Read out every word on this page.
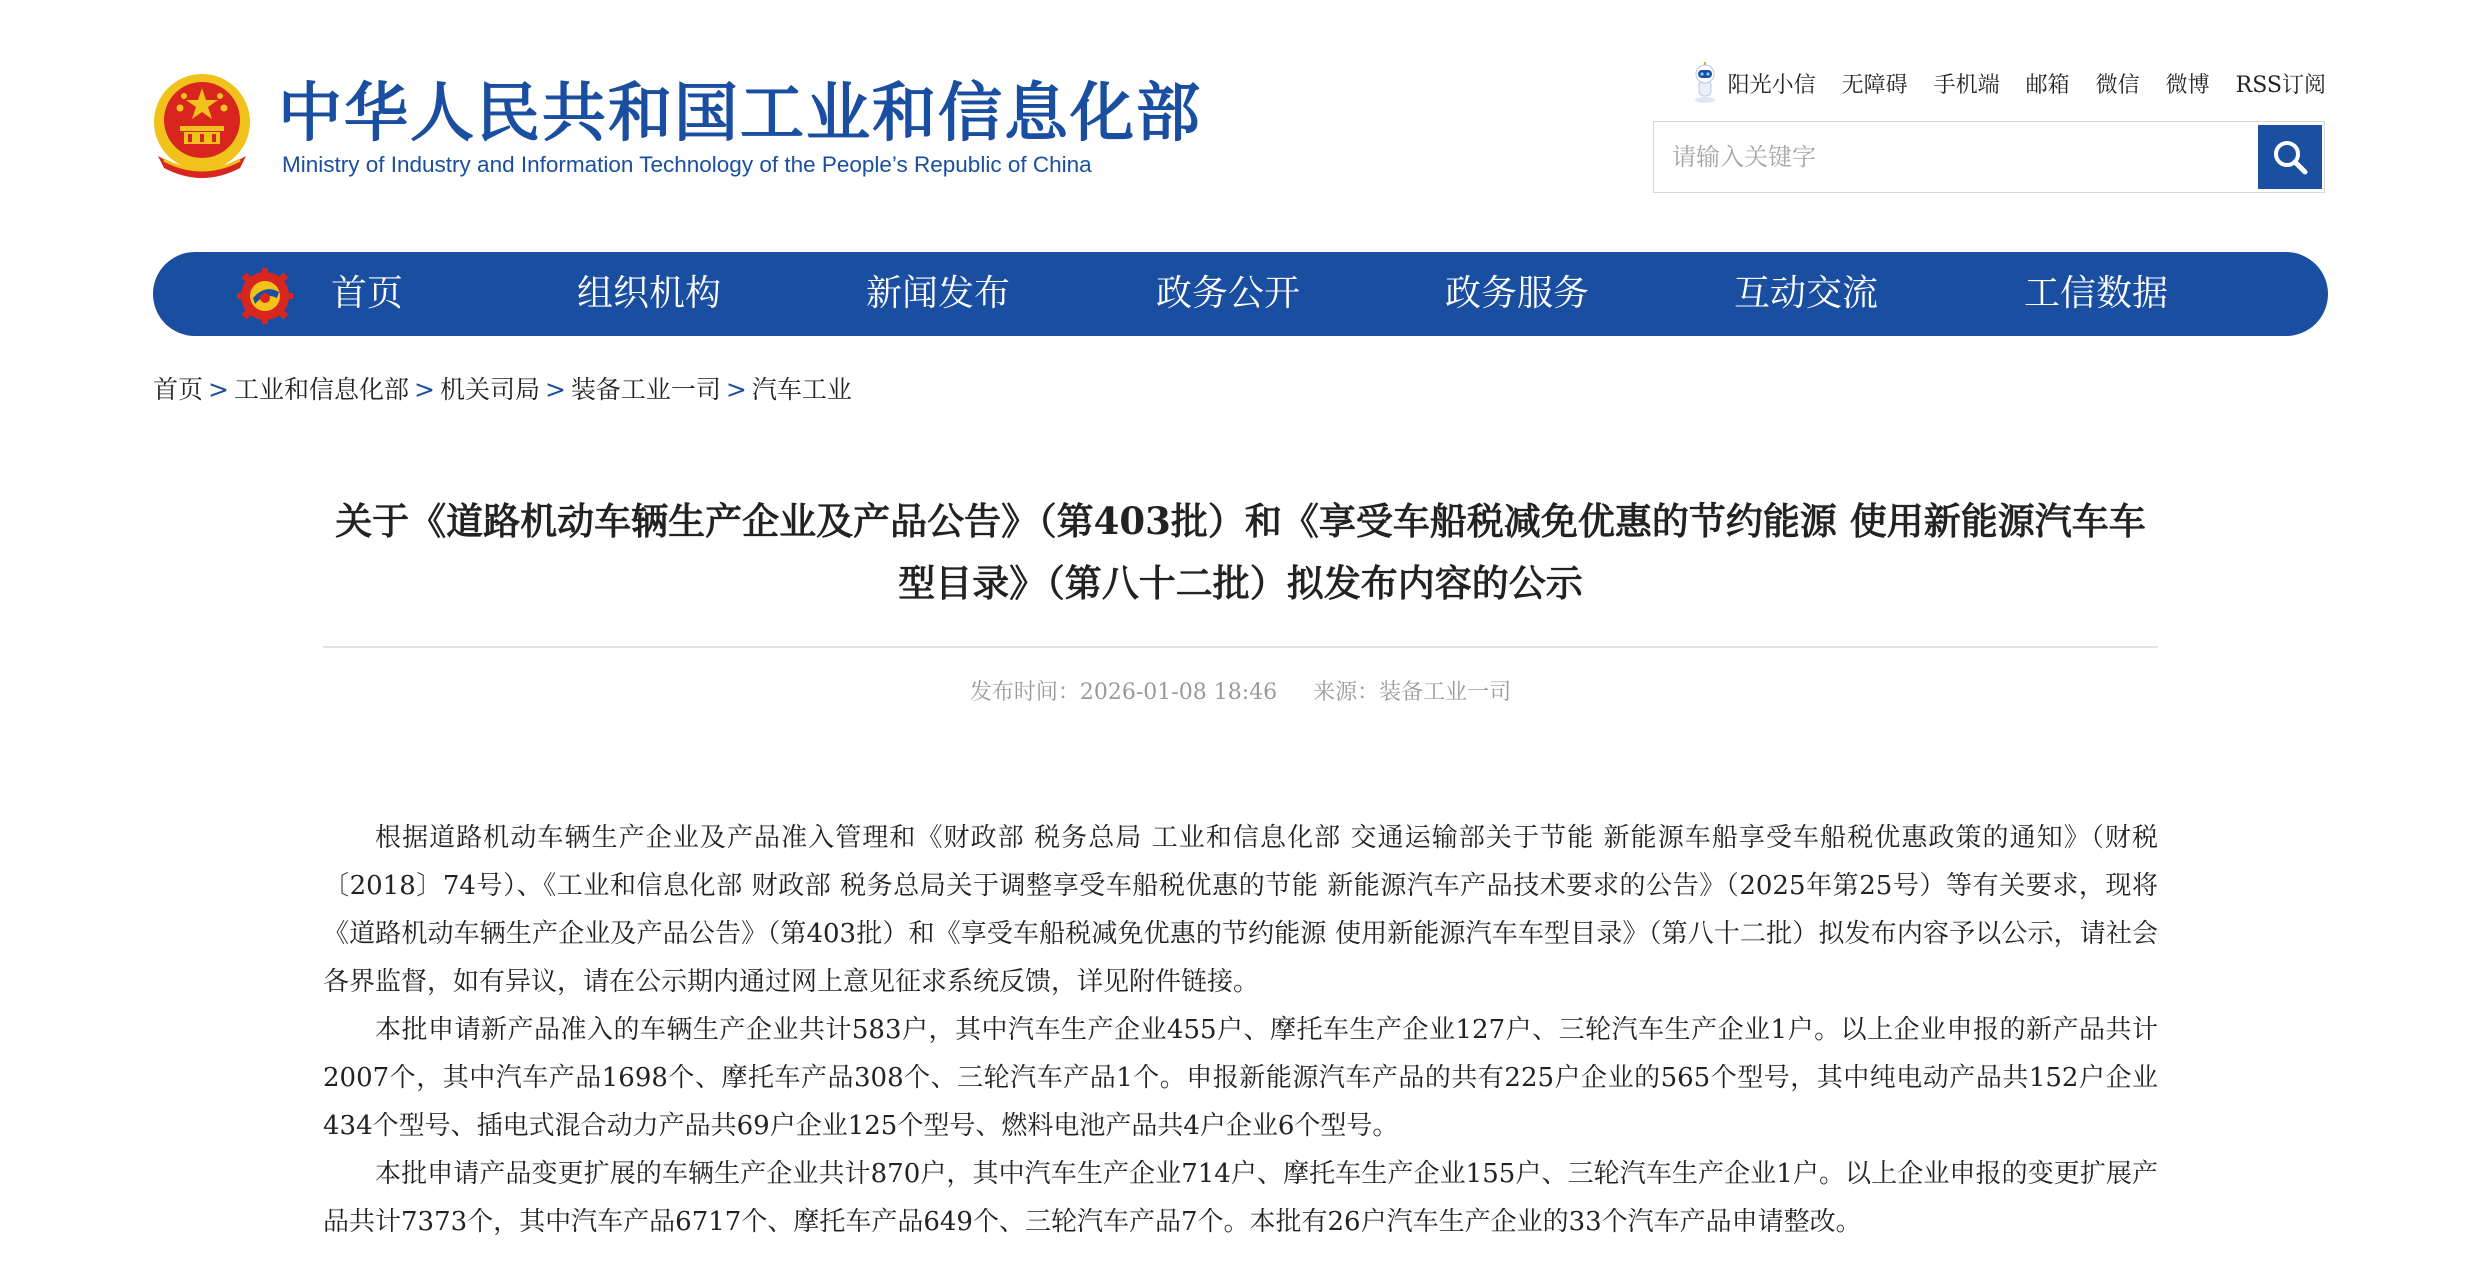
中华人民共和国工业和信息化部
Ministry of Industry and Information Technology of the People’s Republic of China
阳光小信 无障碍 手机端 邮箱 微信 微博 RSS订阅
请输入关键字
首页	组织机构	新闻发布	政务公开	政务服务	互动交流	工信数据
首页 > 工业和信息化部 > 机关司局 > 装备工业一司 > 汽车工业
关于《道路机动车辆生产企业及产品公告》（第403批）和《享受车船税减免优惠的节约能源 使用新能源汽车车型目录》（第八十二批）拟发布内容的公示
发布时间：2026-01-08 18:46 来源：装备工业一司

根据道路机动车辆生产企业及产品准入管理和《财政部 税务总局 工业和信息化部 交通运输部关于节能 新能源车船享受车船税优惠政策的通知》（财税〔2018〕74号）、《工业和信息化部 财政部 税务总局关于调整享受车船税优惠的节能 新能源汽车产品技术要求的公告》（2025年第25号）等有关要求，现将《道路机动车辆生产企业及产品公告》（第403批）和《享受车船税减免优惠的节约能源 使用新能源汽车车型目录》（第八十二批）拟发布内容予以公示，请社会各界监督，如有异议，请在公示期内通过网上意见征求系统反馈，详见附件链接。

本批申请新产品准入的车辆生产企业共计583户，其中汽车生产企业455户、摩托车生产企业127户、三轮汽车生产企业1户。以上企业申报的新产品共计2007个，其中汽车产品1698个、摩托车产品308个、三轮汽车产品1个。申报新能源汽车产品的共有225户企业的565个型号，其中纯电动产品共152户企业434个型号、插电式混合动力产品共69户企业125个型号、燃料电池产品共4户企业6个型号。

本批申请产品变更扩展的车辆生产企业共计870户，其中汽车生产企业714户、摩托车生产企业155户、三轮汽车生产企业1户。以上企业申报的变更扩展产品共计7373个，其中汽车产品6717个、摩托车产品649个、三轮汽车产品7个。本批有26户汽车生产企业的33个汽车产品申请整改。
